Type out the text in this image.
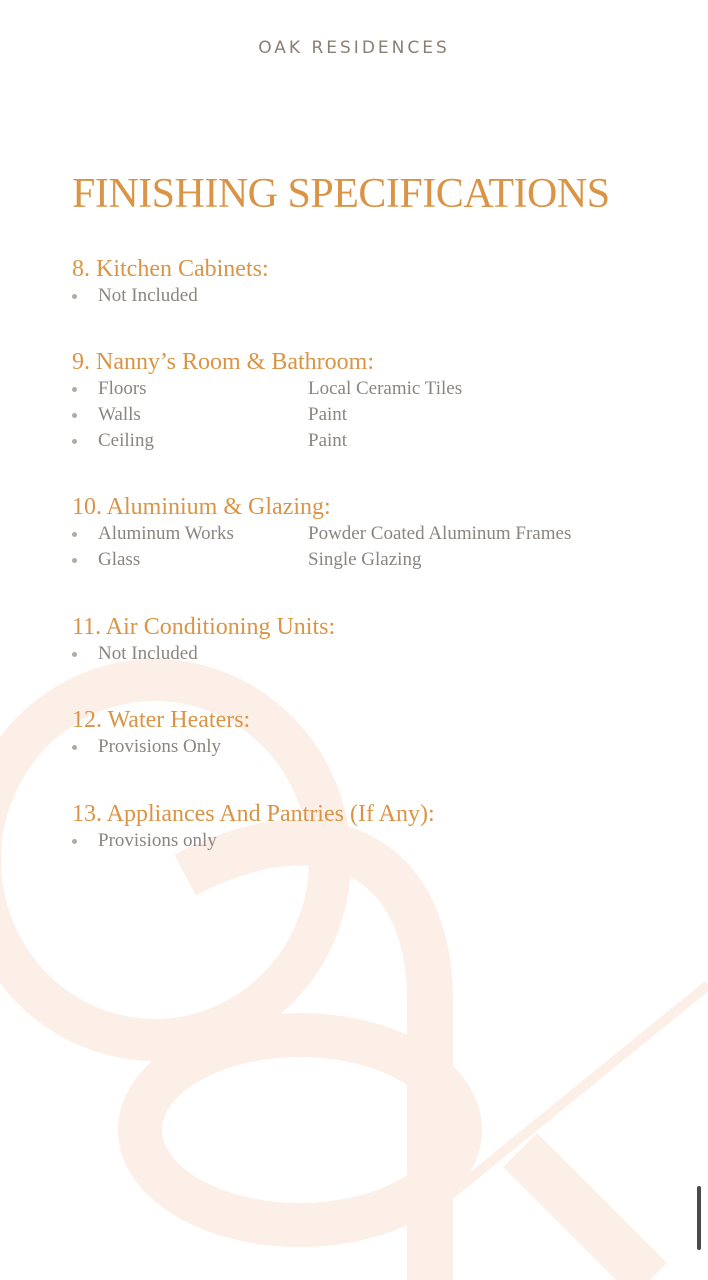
OAK RESIDENCES
FINISHING SPECIFICATIONS
8. Kitchen Cabinets:
Not Included
9. Nanny’s Room & Bathroom:
Floors	Local Ceramic Tiles
Walls	Paint
Ceiling	Paint
10. Aluminium & Glazing:
Aluminum Works	Powder Coated Aluminum Frames
Glass	Single Glazing
11. Air Conditioning Units:
Not Included
12. Water Heaters:
Provisions Only
13. Appliances And Pantries (If Any):
Provisions only
